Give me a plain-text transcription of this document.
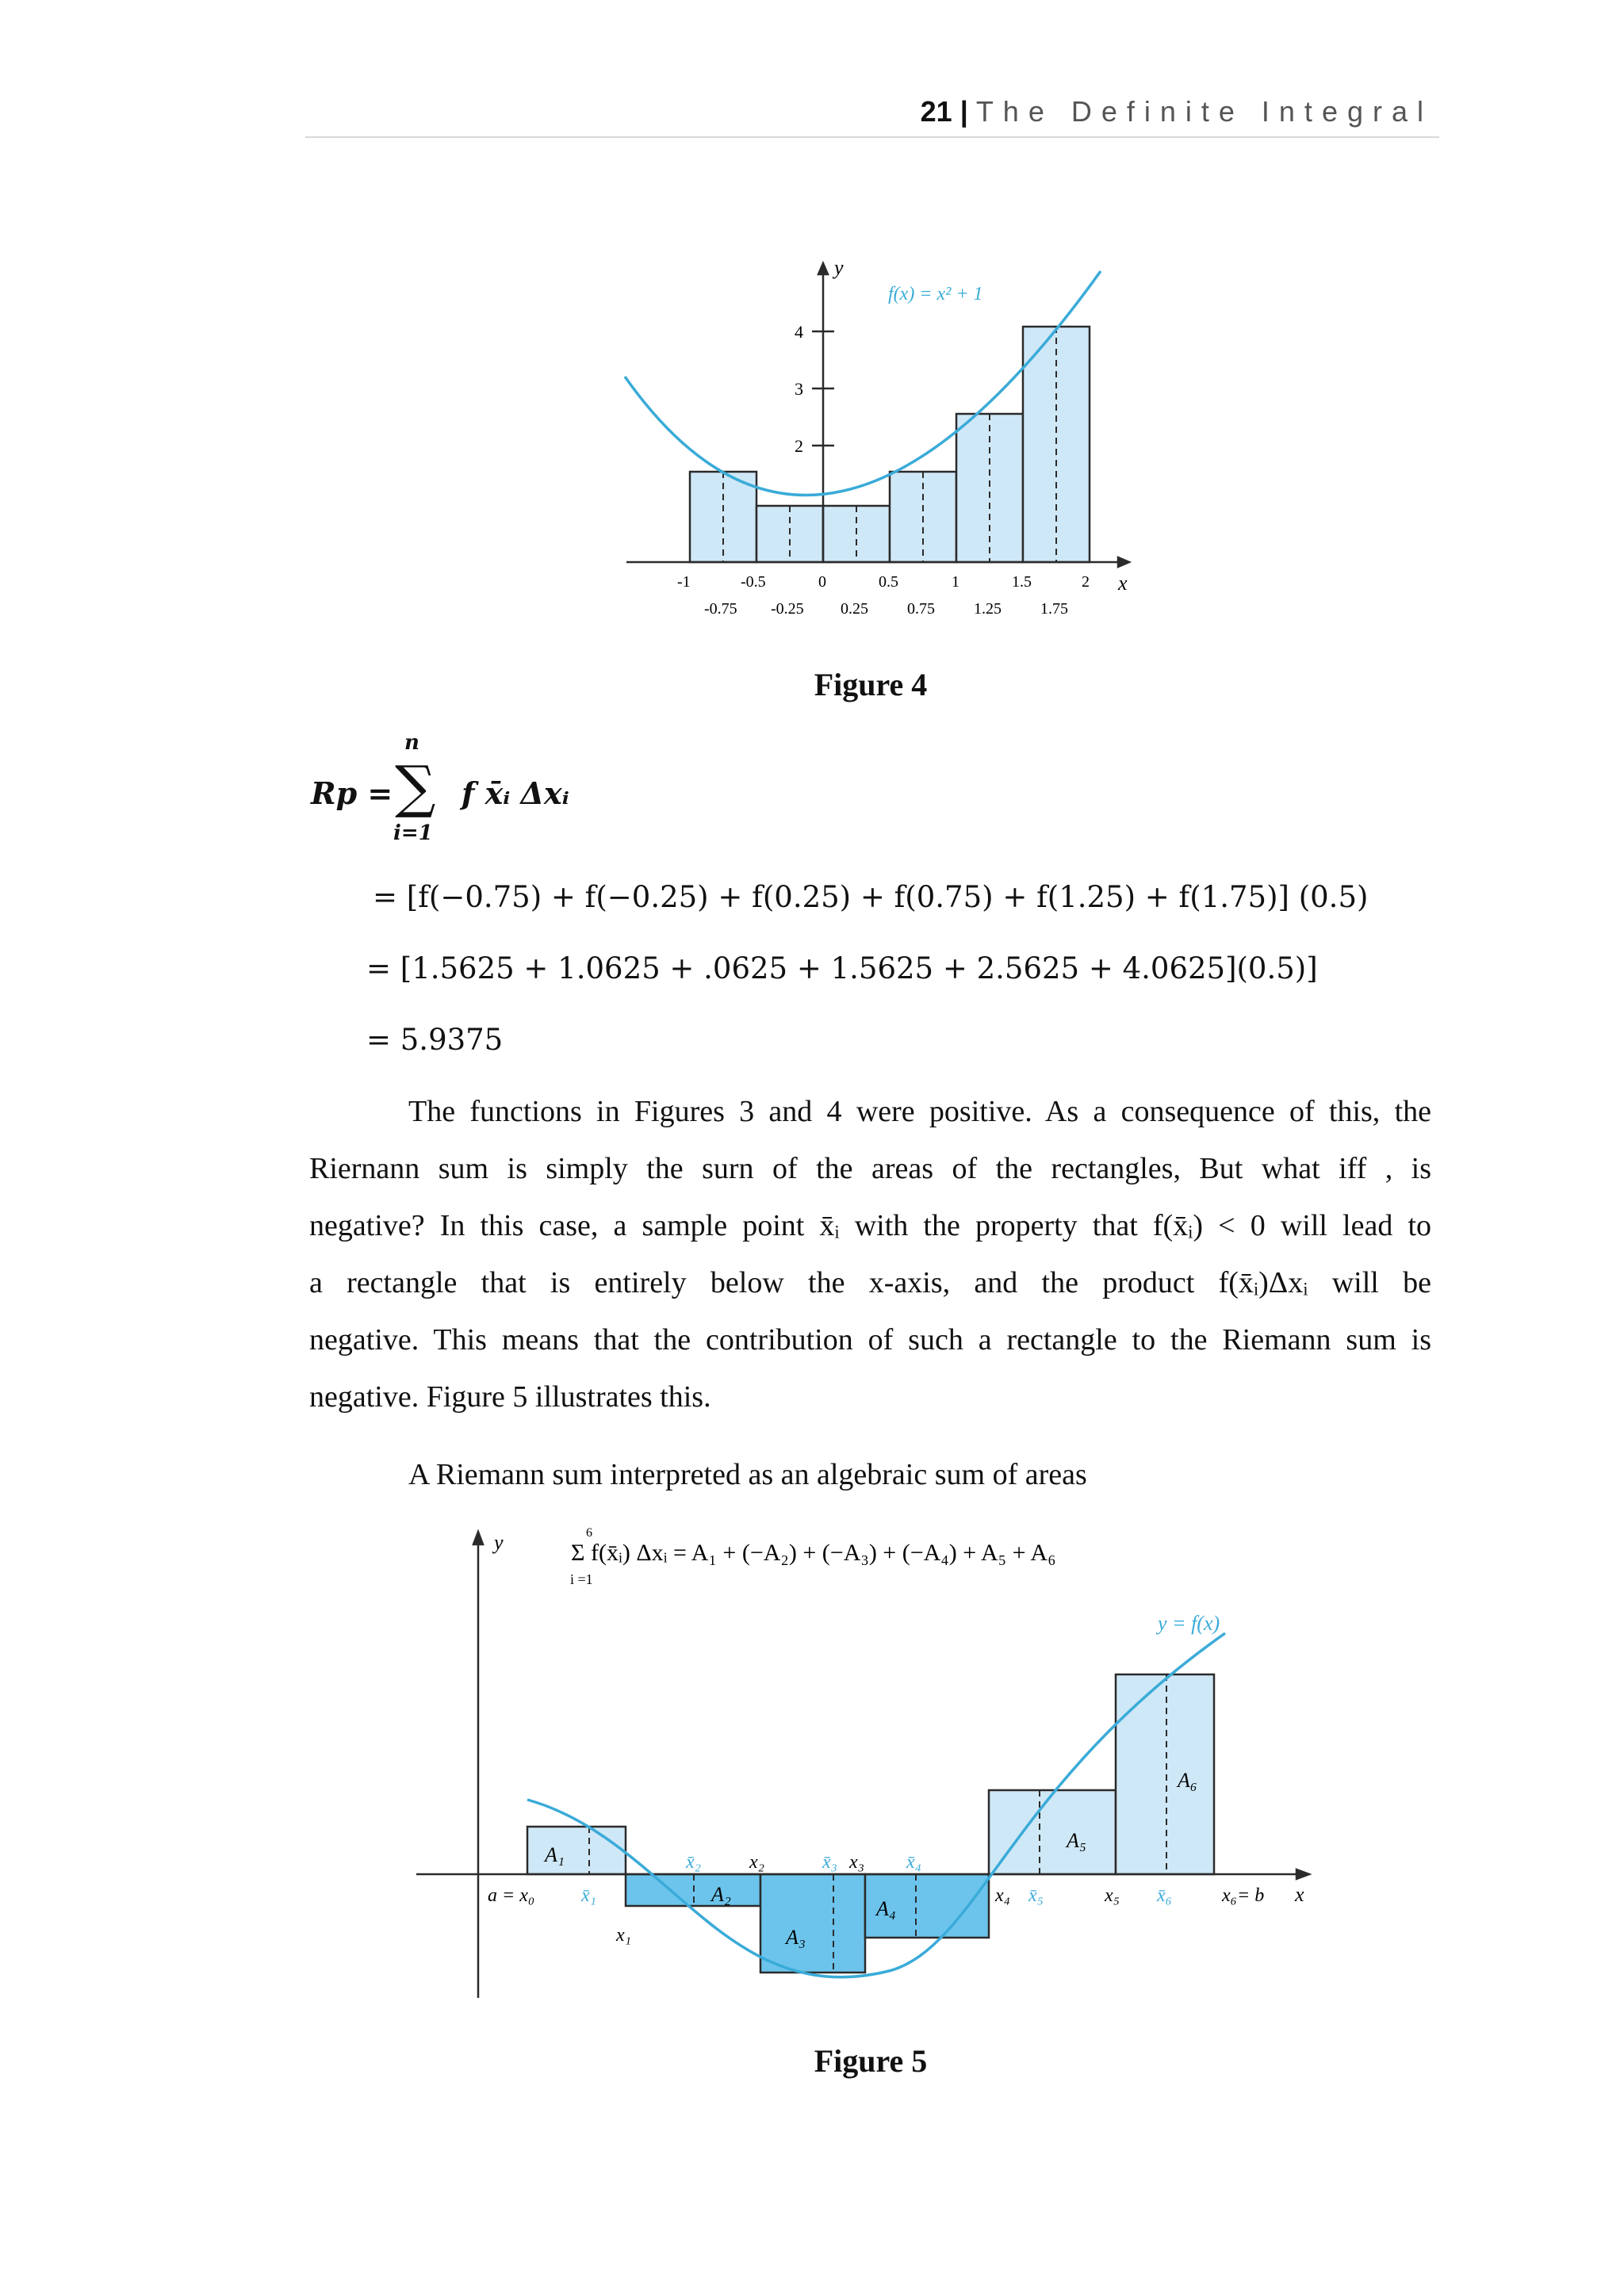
21 | The Definite Integral
f(x) = x² + 1
y
x
2
3
4
-1	-0.5	0	0.5	1	1.5	2
-0.75 -0.25 0.25 0.75 1.25 1.75
Figure 4
Rp =
n
∑
i=1
f x̄ᵢ Δxᵢ
= [f(−0.75) + f(−0.25) + f(0.25) + f(0.75) + f(1.25) + f(1.75)] (0.5)
= [1.5625 + 1.0625 + .0625 + 1.5625 + 2.5625 + 4.0625](0.5)]
= 5.9375
The functions in Figures 3 and 4 were positive. As a consequence of this, the
Riernann sum is simply the surn of the areas of the rectangles, But what iff , is
negative? In this case, a sample point x̄ᵢ with the property that f(x̄ᵢ) < 0 will lead to
a rectangle that is entirely below the x-axis, and the product f(x̄ᵢ)Δxᵢ will be
negative. This means that the contribution of such a rectangle to the Riemann sum is
negative. Figure 5 illustrates this.
A Riemann sum interpreted as an algebraic sum of areas
y	6
Σ f(x̄ᵢ) Δxᵢ = A₁ + (−A₂) + (−A₃) + (−A₄) + A₅ + A₆
i =1
y = f(x)
A₁
A₂
A₃
A₄
A₅
A₆
a = x₀ x̄₁
x₁
x̄₂	x₂	x̄₃ x₃ x̄₄
x₄ x̄₅	x₅ x̄₆	x₆= b x
Figure 5
